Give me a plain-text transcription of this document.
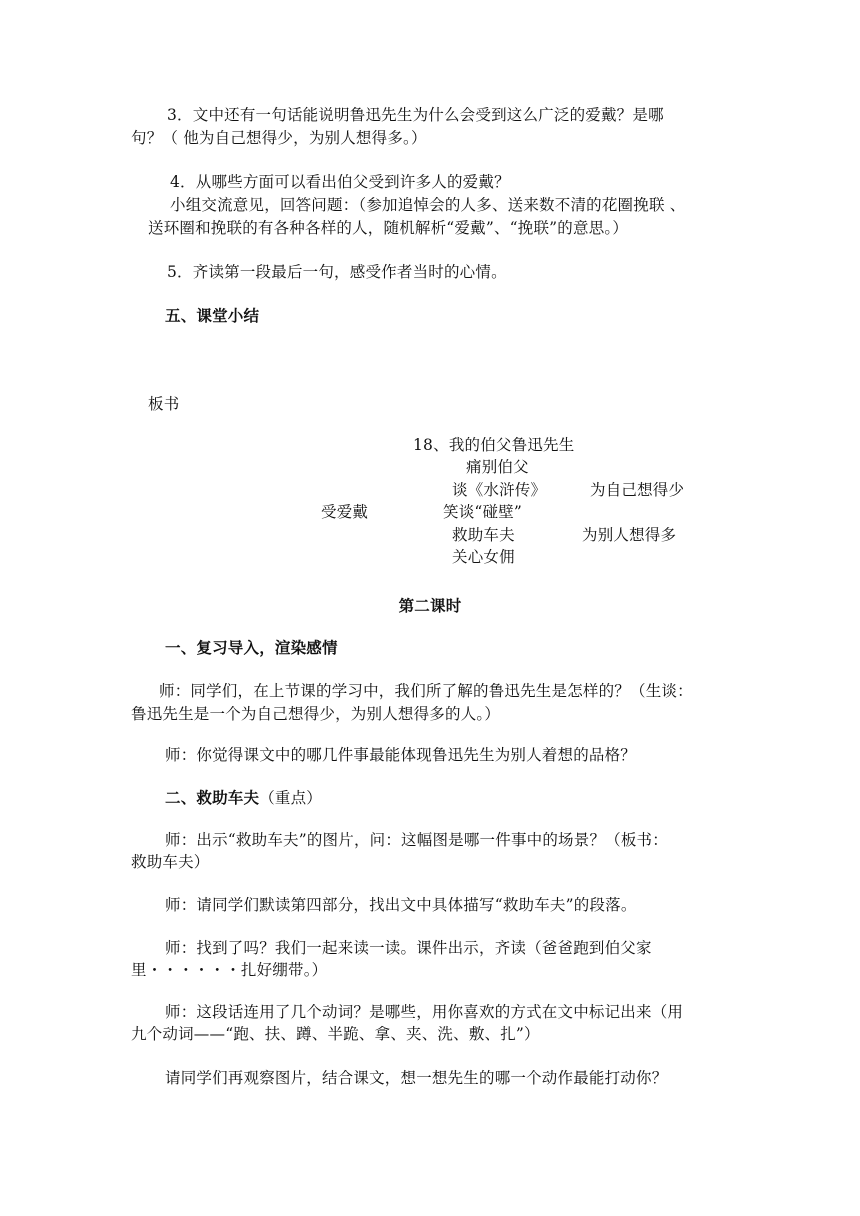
3．文中还有一句话能说明鲁迅先生为什么会受到这么广泛的爱戴？是哪
句？（ 他为自己想得少，为别人想得多。）
4．从哪些方面可以看出伯父受到许多人的爱戴？
小组交流意见，回答问题：（参加追悼会的人多、送来数不清的花圈挽联 、
送环圈和挽联的有各种各样的人，随机解析“爱戴”、“挽联”的意思。）
5．齐读第一段最后一句，感受作者当时的心情。
五、课堂小结
板书
18、我的伯父鲁迅先生
痛别伯父
谈《水浒传》	为自己想得少
受爱戴	笑谈“碰壁”
救助车夫	为别人想得多
关心女佣
第二课时
一、复习导入，渲染感情
师：同学们，在上节课的学习中，我们所了解的鲁迅先生是怎样的？（生谈：
鲁迅先生是一个为自己想得少，为别人想得多的人。）
师：你觉得课文中的哪几件事最能体现鲁迅先生为别人着想的品格？
二、救助车夫（重点）
师：出示“救助车夫”的图片，问：这幅图是哪一件事中的场景？（板书：
救助车夫）
师：请同学们默读第四部分，找出文中具体描写“救助车夫”的段落。
师：找到了吗？我们一起来读一读。课件出示，齐读（爸爸跑到伯父家
里・・・・・・扎好绷带。）
师：这段话连用了几个动词？是哪些，用你喜欢的方式在文中标记出来（用
九个动词——“跑、扶、蹲、半跪、拿、夹、洗、敷、扎”）
请同学们再观察图片，结合课文，想一想先生的哪一个动作最能打动你？
